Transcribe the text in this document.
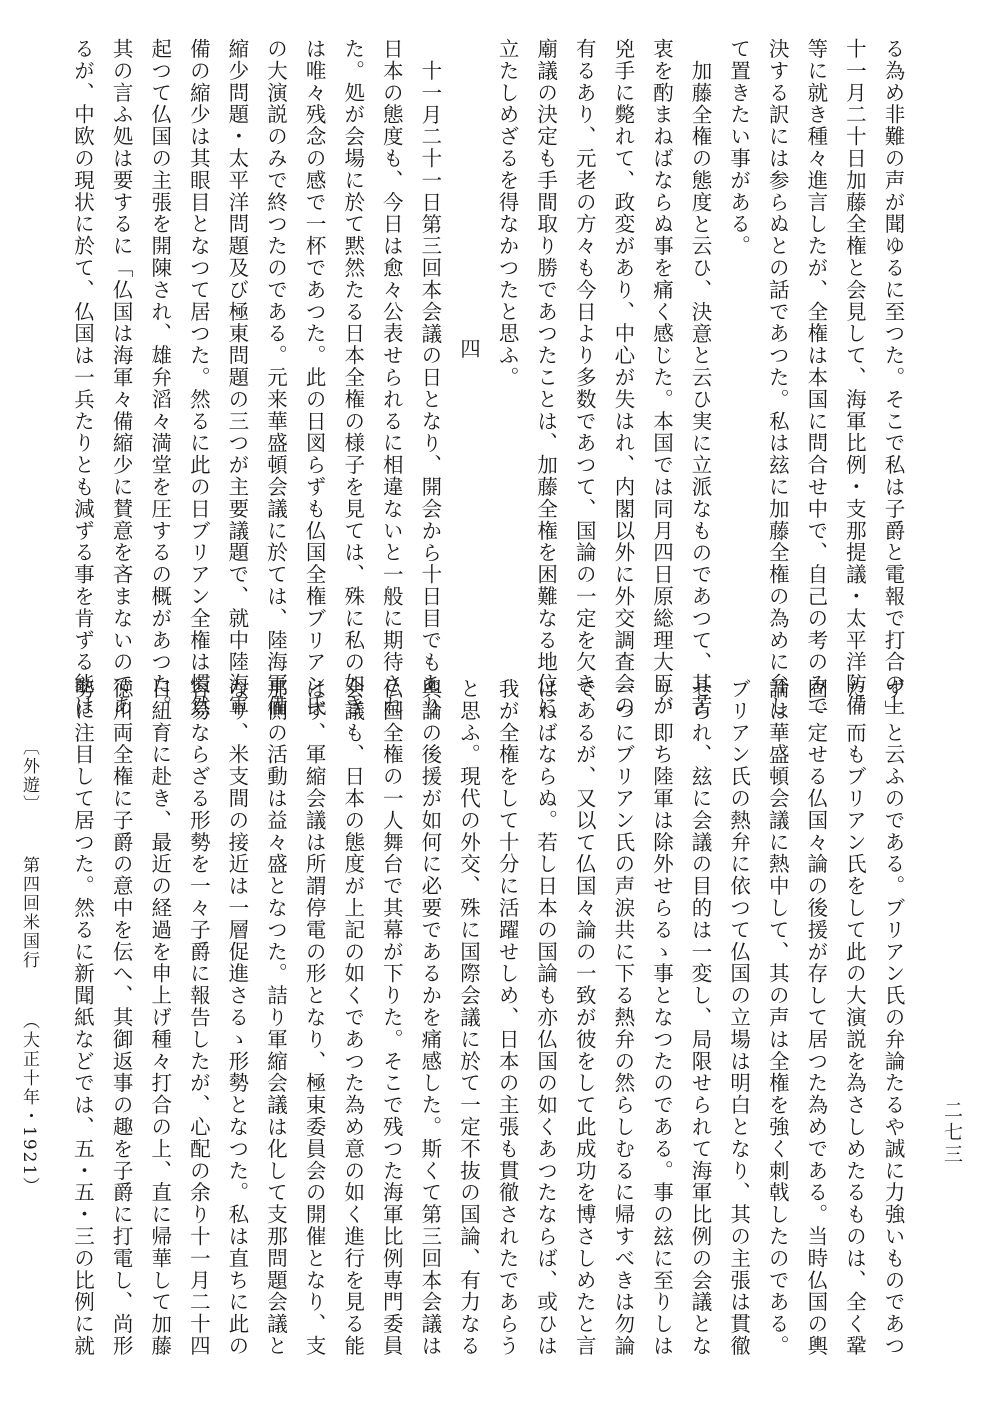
る為め非難の声が聞ゆるに至つた。そこで私は子爵と電報で打合の上

十一月二十日加藤全権と会見して、海軍比例・支那提議・太平洋防備

等に就き種々進言したが、全権は本国に問合せ中で、自己の考のみで

決する訳には参らぬとの話であつた。私は玆に加藤全権の為めに弁し

て置きたい事がある。

加藤全権の態度と云ひ、決意と云ひ実に立派なものであつて、其苦

衷を酌まねばならぬ事を痛く感じた。本国では同月四日原総理大臣が

兇手に斃れて、政変があり、中心が失はれ、内閣以外に外交調査会の

有るあり、元老の方々も今日より多数であつて、国論の一定を欠き、

廟議の決定も手間取り勝であつたことは、加藤全権を困難なる地位に

立たしめざるを得なかつたと思ふ。

四

十一月二十一日第三回本会議の日となり、開会から十日目でもあり

日本の態度も、今日は愈々公表せられるに相違ないと一般に期待され

た。処が会場に於て黙然たる日本全権の様子を見ては、殊に私の如き

は唯々残念の感で一杯であつた。此の日図らずも仏国全権ブリアン氏

の大演説のみで終つたのである。元来華盛頓会議に於ては、陸海軍備

縮少問題・太平洋問題及び極東問題の三つが主要議題で、就中陸海軍

備の縮少は其眼目となつて居つた。然るに此の日ブリアン全権は慣然

起つて仏国の主張を開陳され、雄弁滔々満堂を圧するの概があつた。

其の言ふ処は要するに「仏国は海軍々備縮少に賛意を吝まないのであ

るが、中欧の現状に於て、仏国は一兵たりとも減ずる事を肯ずる能は

ず」と云ふのである。ブリアン氏の弁論たるや誠に力強いものであつ

た。而もブリアン氏をして此の大演説を為さしめたるものは、全く鞏

固一定せる仏国々論の後援が存して居つた為めである。当時仏国の輿

論は華盛頓会議に熱中して、其の声は全権を強く刺戟したのである。

ブリアン氏の熱弁に依つて仏国の立場は明白となり、其の主張は貫徹

せられ、玆に会議の目的は一変し、局限せられて海軍比例の会議とな

り、即ち陸軍は除外せらるゝ事となつたのである。事の玆に至りしは

一つにブリアン氏の声涙共に下る熱弁の然らしむるに帰すべきは勿論

であるが、又以て仏国々論の一致が彼をして此成功を博さしめたと言

はねばならぬ。若し日本の国論も亦仏国の如くあつたならば、或ひは

我が全権をして十分に活躍せしめ、日本の主張も貫徹されたであらう

と思ふ。現代の外交、殊に国際会議に於て一定不抜の国論、有力なる

輿論の後援が如何に必要であるかを痛感した。斯くて第三回本会議は

仏国全権の一人舞台で其幕が下りた。そこで残つた海軍比例専門委員

会議も、日本の態度が上記の如くであつた為め意の如く進行を見る能

はず、軍縮会議は所謂停電の形となり、極東委員会の開催となり、支

那側の活動は益々盛となつた。詰り軍縮会議は化して支那問題会議と

なり、米支間の接近は一層促進さるゝ形勢となつた。私は直ちに此の

容易ならざる形勢を一々子爵に報告したが、心配の余り十一月二十四

日紐育に赴き、最近の経過を申上げ種々打合の上、直に帰華して加藤

徳川両全権に子爵の意中を伝へ、其御返事の趣を子爵に打電し、尚形

勢に注目して居つた。然るに新聞紙などでは、五・五・三の比例に就

〔外遊〕
第四回米国行
（大正十年・1921）	二七三
